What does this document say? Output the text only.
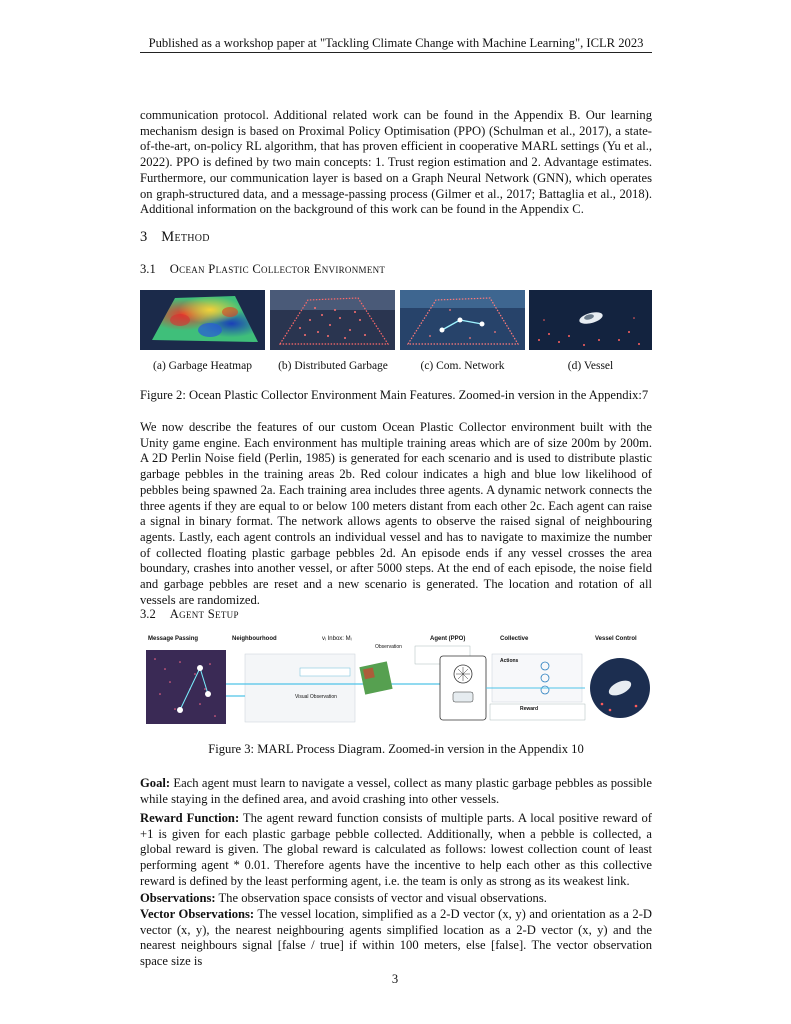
Published as a workshop paper at "Tackling Climate Change with Machine Learning", ICLR 2023

communication protocol. Additional related work can be found in the Appendix B. Our learning mechanism design is based on Proximal Policy Optimisation (PPO) (Schulman et al., 2017), a state-of-the-art, on-policy RL algorithm, that has proven efficient in cooperative MARL settings (Yu et al., 2022). PPO is defined by two main concepts: 1. Trust region estimation and 2. Advantage estimates. Furthermore, our communication layer is based on a Graph Neural Network (GNN), which operates on graph-structured data, and a message-passing process (Gilmer et al., 2017; Battaglia et al., 2018). Additional information on the background of this work can be found in the Appendix C.

3 Method
3.1 Ocean Plastic Collector Environment
(a) Garbage Heatmap	(b) Distributed Garbage	(c) Com. Network	(d) Vessel
Figure 2: Ocean Plastic Collector Environment Main Features. Zoomed-in version in the Appendix:7

We now describe the features of our custom Ocean Plastic Collector environment built with the Unity game engine. Each environment has multiple training areas which are of size 200m by 200m. A 2D Perlin Noise field (Perlin, 1985) is generated for each scenario and is used to distribute plastic garbage pebbles in the training areas 2b. Red colour indicates a high and blue low likelihood of pebbles being spawned 2a. Each training area includes three agents. A dynamic network connects the three agents if they are equal to or below 100 meters distant from each other 2c. Each agent can raise a signal in binary format. The network allows agents to observe the raised signal of neighbouring agents. Lastly, each agent controls an individual vessel and has to navigate to maximize the number of collected floating plastic garbage pebbles 2d. An episode ends if any vessel crosses the area boundary, crashes into another vessel, or after 5000 steps. At the end of each episode, the noise field and garbage pebbles are reset and a new scenario is generated. The location and rotation of all vessels are randomized.

3.2 Agent Setup
Message Passing	Neighbourhood	vᵢ Inbox: Mᵢ	Agent (PPO)	Collective	Vessel Control
Observation
Actions
Reward
Visual Observation
Figure 3: MARL Process Diagram. Zoomed-in version in the Appendix 10

Goal: Each agent must learn to navigate a vessel, collect as many plastic garbage pebbles as possible while staying in the defined area, and avoid crashing into other vessels.

Reward Function: The agent reward function consists of multiple parts. A local positive reward of +1 is given for each plastic garbage pebble collected. Additionally, when a pebble is collected, a global reward is given. The global reward is calculated as follows: lowest collection count of least performing agent * 0.01. Therefore agents have the incentive to help each other as this collective reward is defined by the least performing agent, i.e. the team is only as strong as its weakest link.

Observations: The observation space consists of vector and visual observations.

Vector Observations: The vessel location, simplified as a 2-D vector (x, y) and orientation as a 2-D vector (x, y), the nearest neighbouring agents simplified location as a 2-D vector (x, y) and the nearest neighbours signal [false / true] if within 100 meters, else [false]. The vector observation space size is

3
